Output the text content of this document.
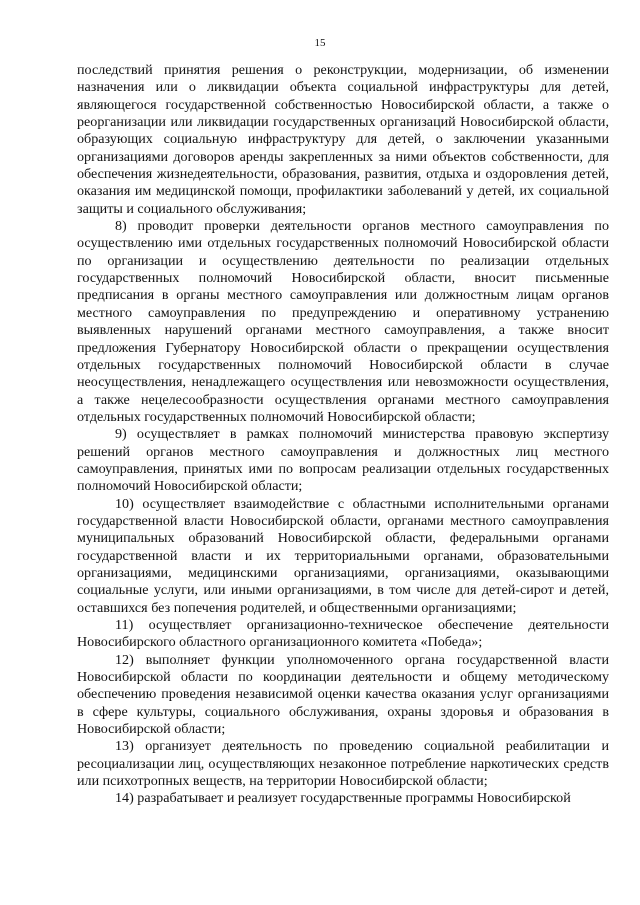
15

последствий принятия решения о реконструкции, модернизации, об изменении назначения или о ликвидации объекта социальной инфраструктуры для детей, являющегося государственной собственностью Новосибирской области, а также о реорганизации или ликвидации государственных организаций Новосибирской области, образующих социальную инфраструктуру для детей, о заключении указанными организациями договоров аренды закрепленных за ними объектов собственности, для обеспечения жизнедеятельности, образования, развития, отдыха и оздоровления детей, оказания им медицинской помощи, профилактики заболеваний у детей, их социальной защиты и социального обслуживания;

8) проводит проверки деятельности органов местного самоуправления по осуществлению ими отдельных государственных полномочий Новосибирской области по организации и осуществлению деятельности по реализации отдельных государственных полномочий Новосибирской области, вносит письменные предписания в органы местного самоуправления или должностным лицам органов местного самоуправления по предупреждению и оперативному устранению выявленных нарушений органами местного самоуправления, а также вносит предложения Губернатору Новосибирской области о прекращении осуществления отдельных государственных полномочий Новосибирской области в случае неосуществления, ненадлежащего осуществления или невозможности осуществления, а также нецелесообразности осуществления органами местного самоуправления отдельных государственных полномочий Новосибирской области;

9) осуществляет в рамках полномочий министерства правовую экспертизу решений органов местного самоуправления и должностных лиц местного самоуправления, принятых ими по вопросам реализации отдельных государственных полномочий Новосибирской области;

10) осуществляет взаимодействие с областными исполнительными органами государственной власти Новосибирской области, органами местного самоуправления муниципальных образований Новосибирской области, федеральными органами государственной власти и их территориальными органами, образовательными организациями, медицинскими организациями, организациями, оказывающими социальные услуги, или иными организациями, в том числе для детей-сирот и детей, оставшихся без попечения родителей, и общественными организациями;

11) осуществляет организационно-техническое обеспечение деятельности Новосибирского областного организационного комитета «Победа»;

12) выполняет функции уполномоченного органа государственной власти Новосибирской области по координации деятельности и общему методическому обеспечению проведения независимой оценки качества оказания услуг организациями в сфере культуры, социального обслуживания, охраны здоровья и образования в Новосибирской области;

13) организует деятельность по проведению социальной реабилитации и ресоциализации лиц, осуществляющих незаконное потребление наркотических средств или психотропных веществ, на территории Новосибирской области;

14) разрабатывает и реализует государственные программы Новосибирской
